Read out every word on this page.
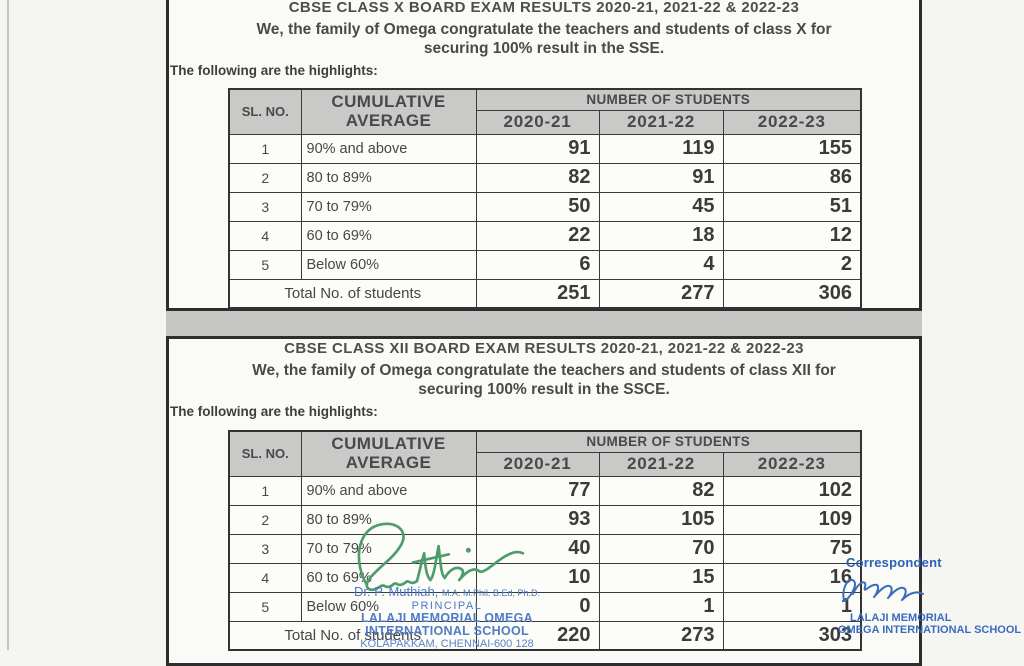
CBSE CLASS X BOARD EXAM RESULTS 2020-21, 2021-22 & 2022-23
We, the family of Omega congratulate the teachers and students of class X for
securing 100% result in the SSE.
The following are the highlights:
SL. NO.	CUMULATIVE AVERAGE	NUMBER OF STUDENTS		
		2020-21	2021-22	2022-23
1	90% and above	91	119	155
2	80 to 89%	82	91	86
3	70 to 79%	50	45	51
4	60 to 69%	22	18	12
5	Below 60%	6	4	2
Total No. of students		251	277	306
CBSE CLASS XII BOARD EXAM RESULTS 2020-21, 2021-22 & 2022-23
We, the family of Omega congratulate the teachers and students of class XII for
securing 100% result in the SSCE.
The following are the highlights:
SL. NO.	CUMULATIVE AVERAGE	NUMBER OF STUDENTS		
		2020-21	2021-22	2022-23
1	90% and above	77	82	102
2	80 to 89%	93	105	109
3	70 to 79%	40	70	75
4	60 to 69%	10	15	16
5	Below 60%	0	1	1
Total No. of students		220	273	303
Dr. P. Muthiah, M.A. M.Phil. B.Ed, Ph.D.
PRINCIPAL
LALAJI MEMORIAL OMEGA
INTERNATIONAL SCHOOL
KOLAPAKKAM, CHENNAI-600 128
Correspondent
LALAJI MEMORIAL
OMEGA INTERNATIONAL SCHOOL
